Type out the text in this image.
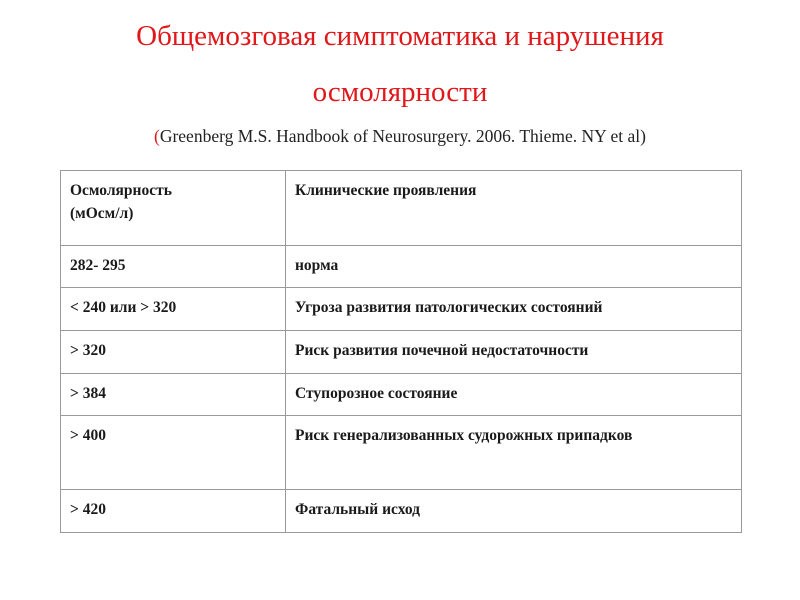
Общемозговая симптоматика и нарушения
осмолярности
(Greenberg M.S. Handbook of Neurosurgery. 2006. Thieme. NY et al)
Осмолярность
(мОсм/л)	Клинические проявления
282- 295	норма
< 240 или > 320	Угроза развития патологических состояний
> 320	Риск развития почечной недостаточности
> 384	Ступорозное состояние
> 400	Риск генерализованных судорожных припадков
> 420	Фатальный исход
